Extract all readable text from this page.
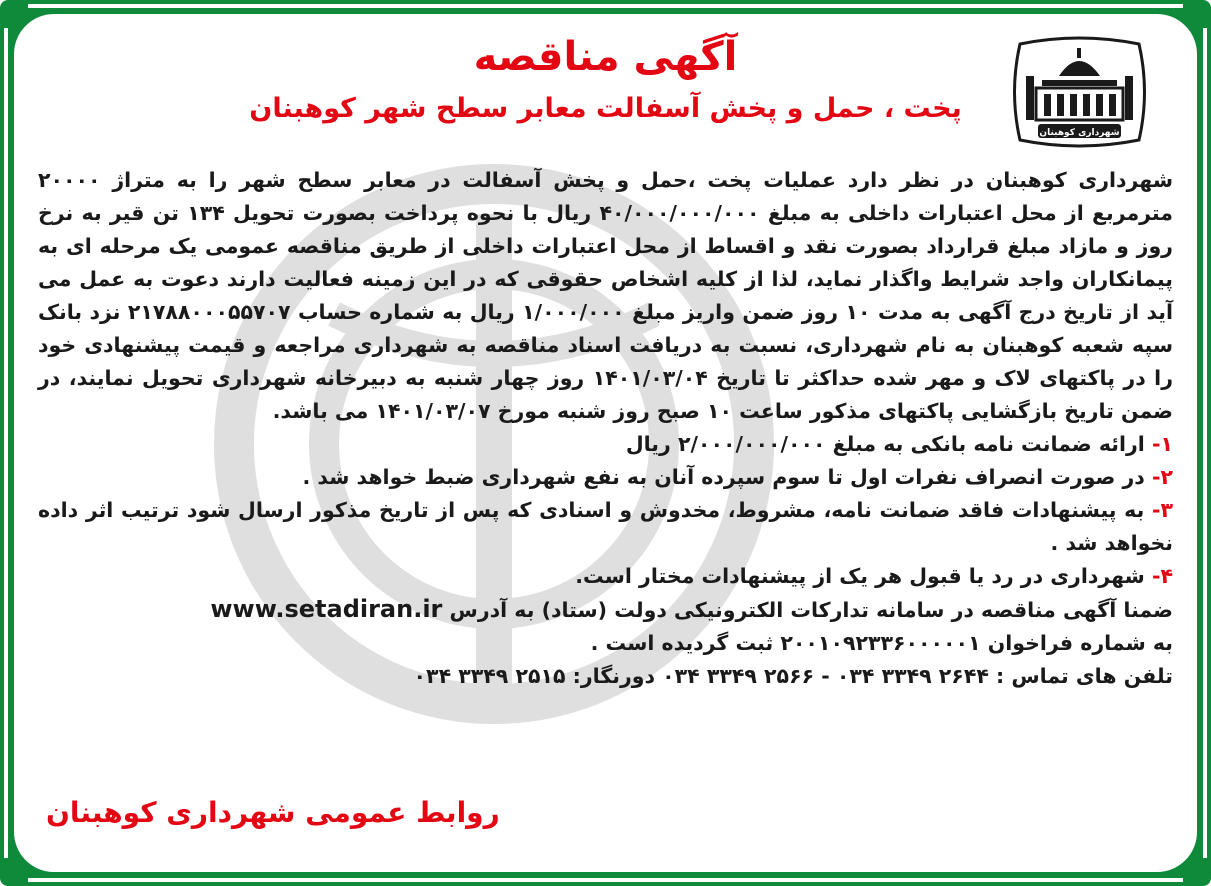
شهرداری کوهبنان
آگهی مناقصه
پخت ، حمل و پخش آسفالت معابر سطح شهر کوهبنان

شهرداری کوهبنان در نظر دارد عملیات پخت ،حمل و پخش آسفالت در معابر سطح شهر را به متراژ ۲۰۰۰۰ مترمربع از محل اعتبارات داخلی به مبلغ ۴۰/۰۰۰/۰۰۰/۰۰۰ ریال با نحوه پرداخت بصورت تحویل ۱۳۴ تن قیر به نرخ روز و مازاد مبلغ قرارداد بصورت نقد و اقساط از محل اعتبارات داخلی از طریق مناقصه عمومی یک مرحله ای به پیمانکاران واجد شرایط واگذار نماید، لذا از کلیه اشخاص حقوقی که در این زمینه فعالیت دارند دعوت به عمل می آید از تاریخ درج آگهی به مدت ۱۰ روز ضمن واریز مبلغ ۱/۰۰۰/۰۰۰ ریال به شماره حساب ۲۱۷۸۸۰۰۰۵۵۷۰۷ نزد بانک سپه شعبه کوهبنان به نام شهرداری، نسبت به دریافت اسناد مناقصه به شهرداری مراجعه و قیمت پیشنهادی خود را در پاکتهای لاک و مهر شده حداکثر تا تاریخ ۱۴۰۱/۰۳/۰۴ روز چهار شنبه به دبیرخانه شهرداری تحویل نمایند، در ضمن تاریخ بازگشایی پاکتهای مذکور ساعت ۱۰ صبح روز شنبه مورخ ۱۴۰۱/۰۳/۰۷ می باشد.

۱- ارائه ضمانت نامه بانکی به مبلغ ۲/۰۰۰/۰۰۰/۰۰۰ ریال

۲- در صورت انصراف نفرات اول تا سوم سپرده آنان به نفع شهرداری ضبط خواهد شد .

۳- به پیشنهادات فاقد ضمانت نامه، مشروط، مخدوش و اسنادی که پس از تاریخ مذکور ارسال شود ترتیب اثر داده نخواهد شد .

۴- شهرداری در رد یا قبول هر یک از پیشنهادات مختار است.

ضمنا آگهی مناقصه در سامانه تدارکات الکترونیکی دولت (ستاد) به آدرس www.setadiran.ir

به شماره فراخوان ۲۰۰۱۰۹۲۳۳۶۰۰۰۰۰۱ ثبت گردیده است .

تلفن های تماس : ۲۶۴۴ ۳۳۴۹ ۰۳۴ - ۲۵۶۶ ۳۳۴۹ ۰۳۴ دورنگار: ۲۵۱۵ ۳۳۴۹ ۰۳۴

روابط عمومی شهرداری کوهبنان
